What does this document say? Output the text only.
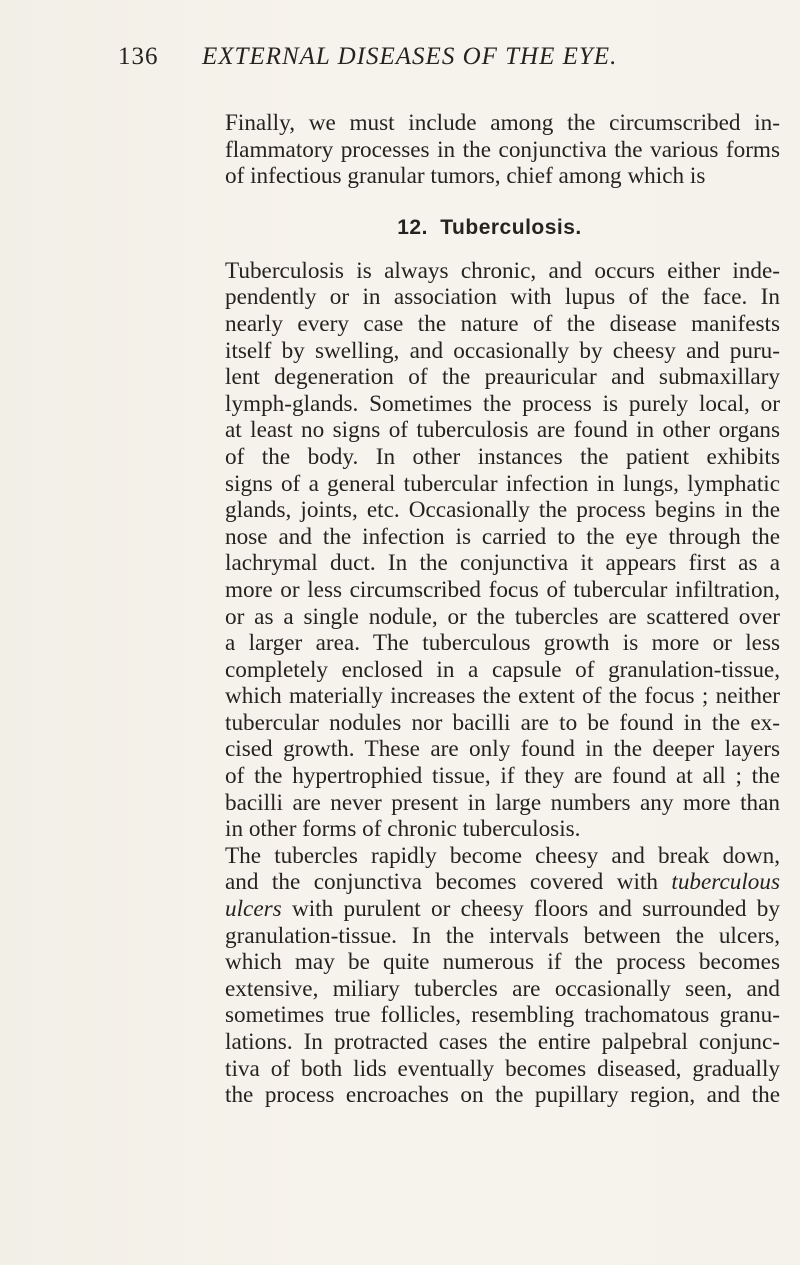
136 EXTERNAL DISEASES OF THE EYE.

Finally, we must include among the circumscribed in-
flammatory processes in the conjunctiva the various forms
of infectious granular tumors, chief among which is

12. Tuberculosis.

Tuberculosis is always chronic, and occurs either inde-
pendently or in association with lupus of the face. In
nearly every case the nature of the disease manifests
itself by swelling, and occasionally by cheesy and puru-
lent degeneration of the preauricular and submaxillary
lymph-glands. Sometimes the process is purely local, or
at least no signs of tuberculosis are found in other organs
of the body. In other instances the patient exhibits
signs of a general tubercular infection in lungs, lymphatic
glands, joints, etc. Occasionally the process begins in the
nose and the infection is carried to the eye through the
lachrymal duct. In the conjunctiva it appears first as a
more or less circumscribed focus of tubercular infiltration,
or as a single nodule, or the tubercles are scattered over
a larger area. The tuberculous growth is more or less
completely enclosed in a capsule of granulation-tissue,
which materially increases the extent of the focus ; neither
tubercular nodules nor bacilli are to be found in the ex-
cised growth. These are only found in the deeper layers
of the hypertrophied tissue, if they are found at all ; the
bacilli are never present in large numbers any more than
in other forms of chronic tuberculosis.

The tubercles rapidly become cheesy and break down,
and the conjunctiva becomes covered with tuberculous
ulcers with purulent or cheesy floors and surrounded by
granulation-tissue. In the intervals between the ulcers,
which may be quite numerous if the process becomes
extensive, miliary tubercles are occasionally seen, and
sometimes true follicles, resembling trachomatous granu-
lations. In protracted cases the entire palpebral conjunc-
tiva of both lids eventually becomes diseased, gradually
the process encroaches on the pupillary region, and the
